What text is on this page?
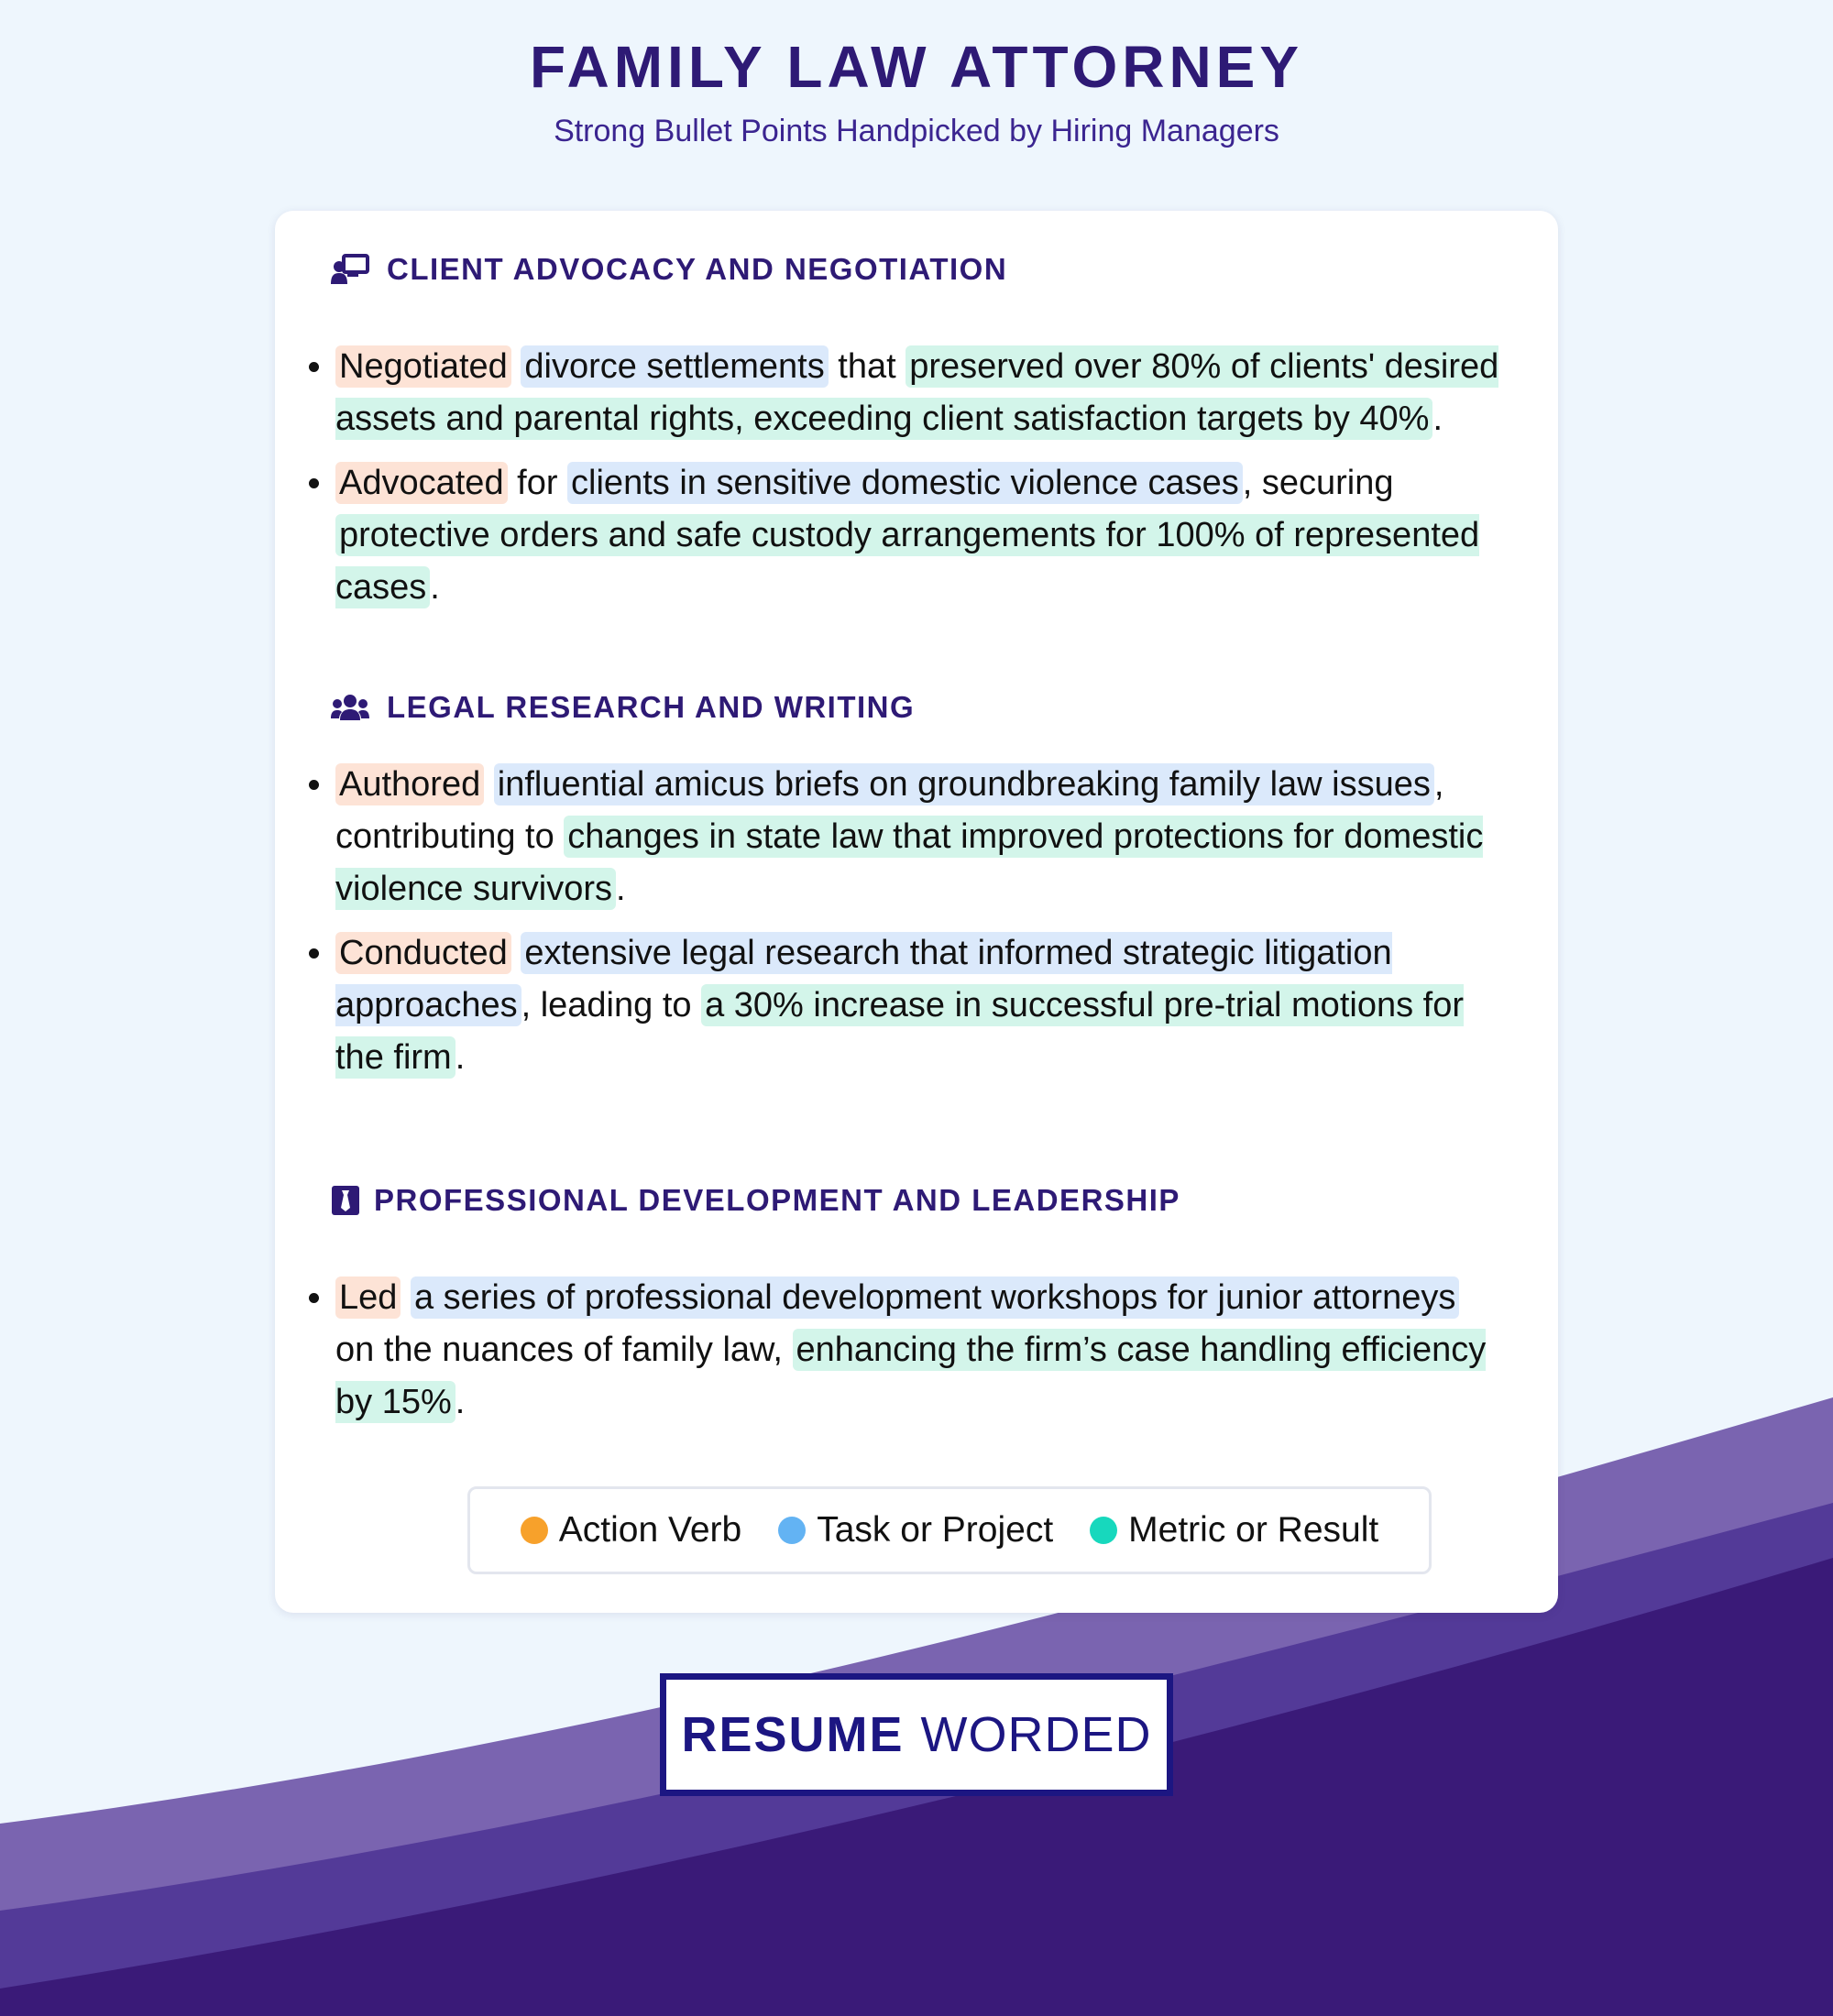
FAMILY LAW ATTORNEY

Strong Bullet Points Handpicked by Hiring Managers

CLIENT ADVOCACY AND NEGOTIATION
• Negotiated divorce settlements that preserved over 80% of clients' desired assets and parental rights, exceeding client satisfaction targets by 40% .
• Advocated for clients in sensitive domestic violence cases , securing protective orders and safe custody arrangements for 100% of represented cases .
LEGAL RESEARCH AND WRITING
• Authored influential amicus briefs on groundbreaking family law issues , contributing to changes in state law that improved protections for domestic violence survivors .
• Conducted extensive legal research that informed strategic litigation approaches , leading to a 30% increase in successful pre-trial motions for the firm .
PROFESSIONAL DEVELOPMENT AND LEADERSHIP
• Led a series of professional development workshops for junior attorneys on the nuances of family law, enhancing the firm’s case handling efficiency by 15% .
Action Verb Task or Project Metric or Result
RESUME WORDED
